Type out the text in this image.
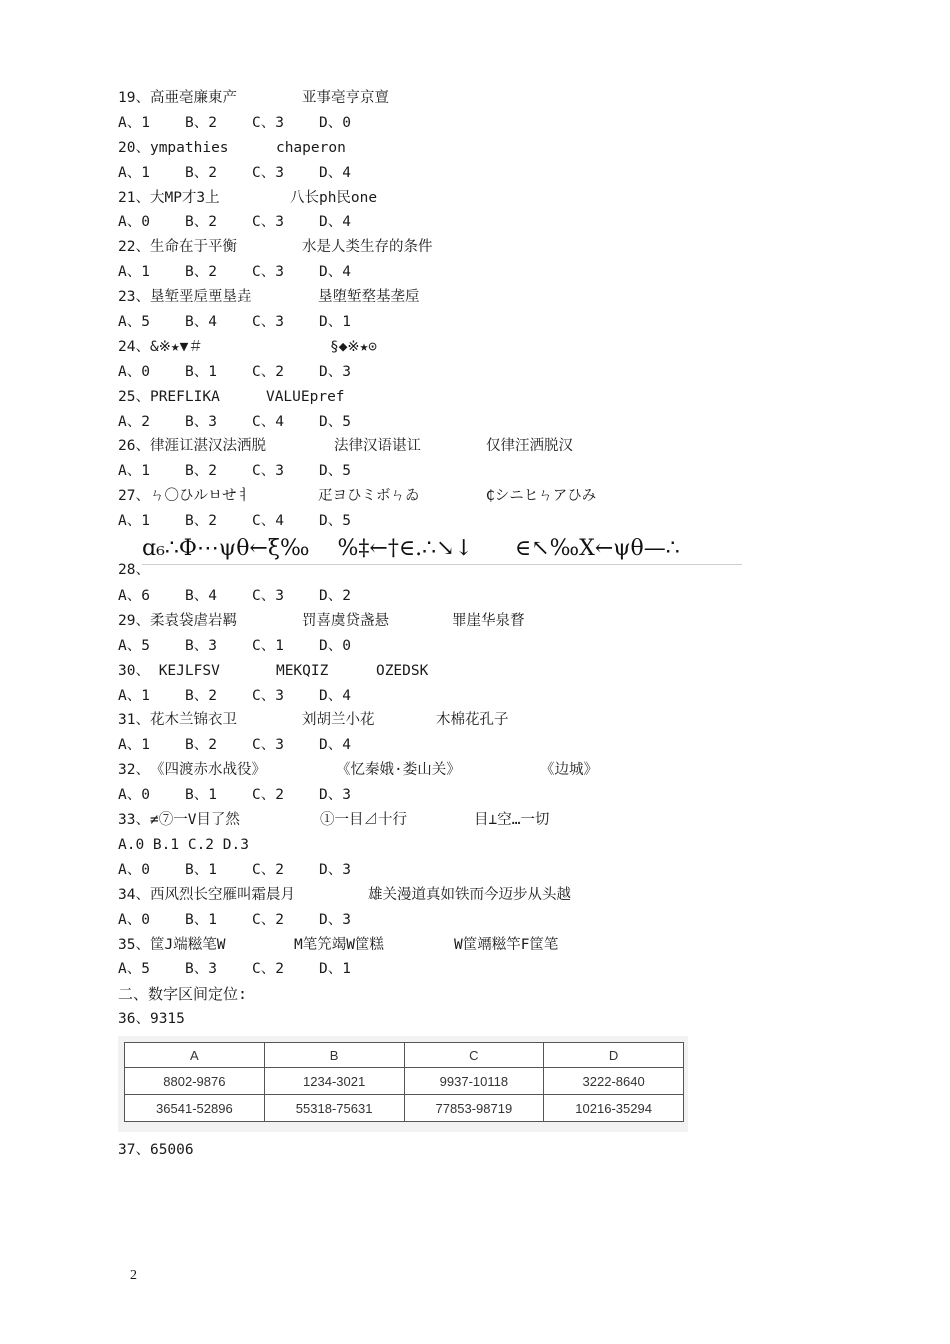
19、高亜亳廉東产	亚事亳亨京亶
A、1 B、2 C、3 D、0
20、ympathies	chaperon
A、1 B、2 C、3 D、4
21、大MP才3上	八长ph民one
A、0 B、2 C、3 D、4
22、生命在于平衡	水是人类生存的条件
A、1 B、2 C、3 D、4
23、垦堑垩垕垔垦垚	垦堕堑堥基垄垕
A、5 B、4 C、3 D、1
24、&※★▼＃	§◆※★⊙
A、0 B、1 C、2 D、3
25、PREFLIKA	VALUEpref
A、2 B、3 C、4 D、5
26、律涯讧湛汉法洒脱	法律汉语谌讧	仅律汪洒脱汉
A、1 B、2 C、3 D、5
27、ㄣ〇ひルㅂせㅕ	疋ヨひミボㄣゐ	₵シニヒㄣアひみ
A、1 B、2 C、4 D、5
ɑ₆∴Φ⋯ψθ←ξ‰    %‡←†∈.∴↘↓      ∈↖‰X←ψθ—∴
28、
A、6 B、4 C、3 D、2
29、柔袁袋虐岩羁	罚喜虞贷盏悬	罪崖华泉瞀
A、5 B、3 C、1 D、0
30、 KEJLFSV	MEKQIZ	OZEDSK
A、1 B、2 C、3 D、4
31、花木兰锦衣卫	刘胡兰小花	木棉花孔子
A、1 B、2 C、3 D、4
32、《四渡赤水战役》	《忆秦娥·娄山关》	《边城》
A、0 B、1 C、2 D、3
33、≠⑦一V目了然	①一目⊿十行	目⊥空…一切
A.0 B.1 C.2 D.3
A、0 B、1 C、2 D、3
34、西风烈长空雁叫霜晨月	雄关漫道真如铁而今迈步从头越
A、0 B、1 C、2 D、3
35、筐J端糍笔W	M笔笐竭W筐糕	W筐竵糍竿F筐笔
A、5 B、3 C、2 D、1
二、数字区间定位:
36、9315
A	B	C	D
8802-9876	1234-3021	9937-10118	3222-8640
36541-52896	55318-75631	77853-98719	10216-35294
37、65006
2
